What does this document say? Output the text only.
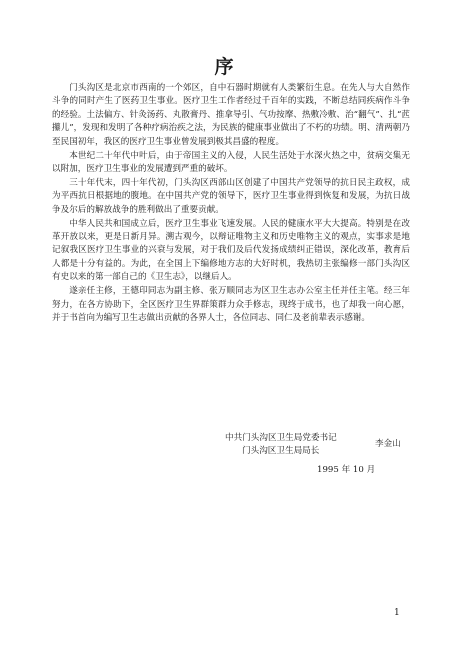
序

门头沟区是北京市西南的一个郊区，自中石器时期就有人类繁衍生息。在先人与大自然作斗争的同时产生了医药卫生事业。医疗卫生工作者经过千百年的实践，不断总结同疾病作斗争的经验。土法偏方、针灸汤药、丸散膏丹、推拿导引、气功按摩、热敷冷敷、治“翻气”、扎“苉攥儿”，发现和发明了各种疗病治疾之法，为民族的健康事业做出了不朽的功绩。明、清两朝乃至民国初年，我区的医疗卫生事业曾发展到极其昌盛的程度。

本世纪二十年代中叶后，由于帝国主义的入侵，人民生活处于水深火热之中，贫病交集无以附加，医疗卫生事业的发展遭到严重的破坏。

三十年代末，四十年代初，门头沟区西部山区创建了中国共产党领导的抗日民主政权，成为平西抗日根据地的腹地。在中国共产党的领导下，医疗卫生事业得到恢复和发展，为抗日战争及尔后的解放战争的胜利做出了重要贡献。

中华人民共和国成立后，医疗卫生事业飞速发展。人民的健康水平大大提高。特别是在改革开放以来，更是日新月异。溯古观今，以辩证唯物主义和历史唯物主义的观点，实事求是地记叙我区医疗卫生事业的兴衰与发展，对于我们及后代发扬成绩纠正错误，深化改革，教育后人都是十分有益的。为此，在全国上下编修地方志的大好时机，我热切主张编修一部门头沟区有史以来的第一部自己的《卫生志》，以继后人。

遂亲任主修，王德印同志为副主修、张万顺同志为区卫生志办公室主任并任主笔。经三年努力，在各方协助下，全区医疗卫生界群策群力众手修志，现终于成书，也了却我一向心愿，并于书首向为编写卫生志做出贡献的各界人士，各位同志、同仁及老前辈表示感谢。

中共门头沟区卫生局党委书记
门头沟区卫生局局长
李金山
1995 年 10 月
1
